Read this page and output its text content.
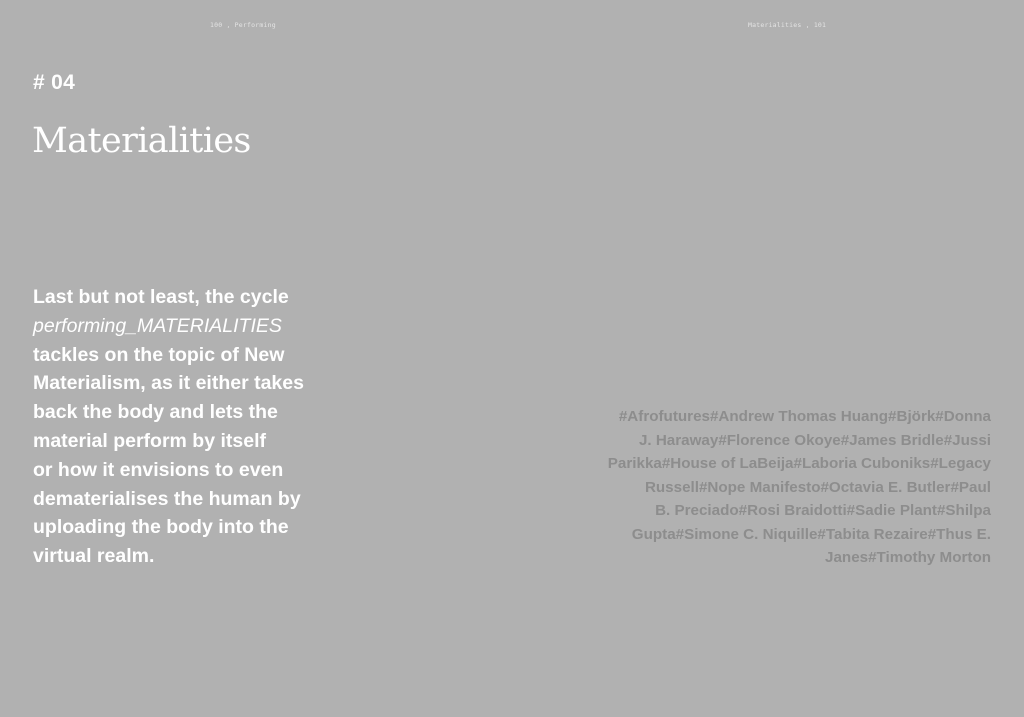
100 , Performing	Materialities , 101
# 04
Materialities
Last but not least, the cycle
performing_MATERIALITIES
tackles on the topic of New
Materialism, as it either takes
back the body and lets the
material perform by itself
or how it envisions to even
dematerialises the human by
uploading the body into the
virtual realm.
#Afrofutures#Andrew Thomas Huang#Björk#Donna
J. Haraway#Florence Okoye#James Bridle#Jussi
Parikka#House of LaBeija#Laboria Cuboniks#Legacy
Russell#Nope Manifesto#Octavia E. Butler#Paul
B. Preciado#Rosi Braidotti#Sadie Plant#Shilpa
Gupta#Simone C. Niquille#Tabita Rezaire#Thus E.
Janes#Timothy Morton
